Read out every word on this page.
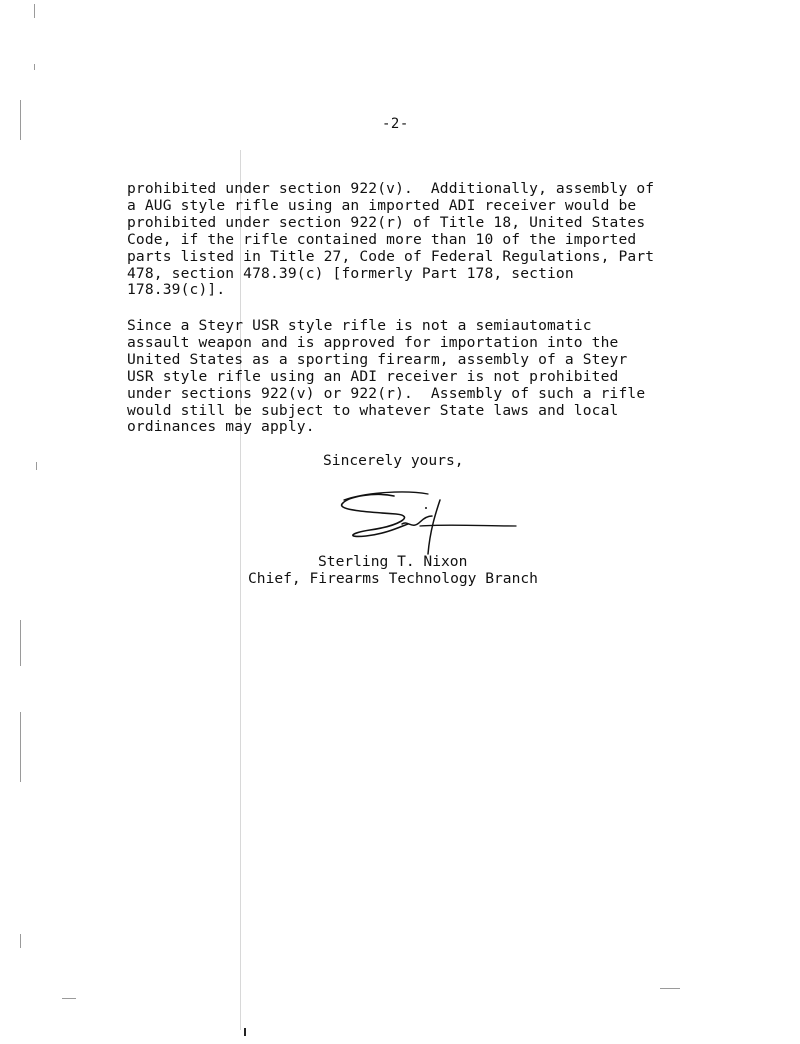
-2-

prohibited under section 922(v).  Additionally, assembly of
a AUG style rifle using an imported ADI receiver would be
prohibited under section 922(r) of Title 18, United States
Code, if the rifle contained more than 10 of the imported
parts listed in Title 27, Code of Federal Regulations, Part
478, section 478.39(c) [formerly Part 178, section
178.39(c)].

Since a Steyr USR style rifle is not a semiautomatic
assault weapon and is approved for importation into the
United States as a sporting firearm, assembly of a Steyr
USR style rifle using an ADI receiver is not prohibited
under sections 922(v) or 922(r).  Assembly of such a rifle
would still be subject to whatever State laws and local
ordinances may apply.

Sincerely yours,
Sterling T. Nixon
Chief, Firearms Technology Branch
